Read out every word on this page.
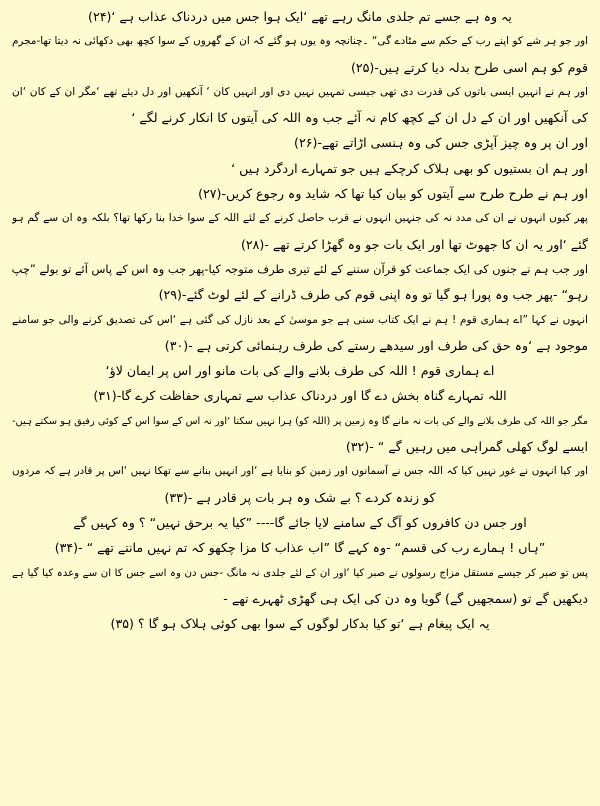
یہ وہ ہے جسے تم جلدی مانگ رہے تھے ‘ایک ہوا جس میں دردناک عذاب ہے ‘(۲۴)
اور جو ہر شے کو اپنے رب کے حکم سے مٹادے گی“ ۔چنانچہ وہ یوں ہو گئے کہ ان کے گھروں کے سوا کچھ بھی دکھائی نہ دیتا تھا-مجرم
قوم کو ہم اسی طرح بدلہ دیا کرتے ہیں-(۲۵)
اور ہم نے انہیں ایسی باتوں کی قدرت دی تھی جیسی تمہیں نہیں دی اور انہیں کان ‘ آنکھیں اور دل دیئے تھے ‘مگر ان کے کان ‘ان
کی آنکھیں اور ان کے دل ان کے کچھ کام نہ آئے جب وہ اللہ کی آیتوں کا انکار کرنے لگے ‘
اور ان پر وہ چیز آپڑی جس کی وہ ہنسی اڑاتے تھے-(۲۶)
اور ہم ان بستیوں کو بھی ہلاک کرچکے ہیں جو تمہارے اردگرد ہیں ‘
اور ہم نے طرح طرح سے آیتوں کو بیان کیا تھا کہ شاید وہ رجوع کریں-(۲۷)
پھر کیوں انہوں نے ان کی مدد نہ کی جنہیں انہوں نے قرب حاصل کرنے کے لئے اللہ کے سوا خدا بنا رکھا تھا؟ بلکہ وہ ان سے گم ہو
گئے ‘اور یہ ان کا جھوٹ تھا اور ایک بات جو وہ گھڑا کرتے تھے -(۲۸)
اور جب ہم نے جنوں کی ایک جماعت کو قرآن سننے کے لئے تیری طرف متوجہ کیا-پھر جب وہ اس کے پاس آئے تو بولے ”چپ
رہو“ -پھر جب وہ پورا ہو گیا تو وہ اپنی قوم کی طرف ڈرانے کے لئے لوٹ گئے-(۲۹)
انہوں نے کہا ”اے ہماری قوم ! ہم نے ایک کتاب سنی ہے جو موسیٰ کے بعد نازل کی گئی ہے ‘اس کی تصدیق کرنے والی جو سامنے
موجود ہے ‘وہ حق کی طرف اور سیدھے رستے کی طرف رہنمائی کرتی ہے -(۳۰)
اے ہماری قوم ! اللہ کی طرف بلانے والے کی بات مانو اور اس پر ایمان لاؤ‘
اللہ تمہارے گناہ بخش دے گا اور دردناک عذاب سے تمہاری حفاظت کرے گا-(۳۱)
مگر جو اللہ کی طرف بلانے والے کی بات نہ مانے گا وہ زمین پر (اللہ کو) ہرا نہیں سکتا ‘اور نہ اس کے سوا اس کے کوئی رفیق ہو سکتے ہیں-
ایسے لوگ کھلی گمراہی میں رہیں گے “ -(۳۲)
اور کیا انہوں نے غور نہیں کیا کہ اللہ جس نے آسمانوں اور زمین کو بنایا ہے ‘اور انہیں بنانے سے تھکا نہیں ‘اس پر قادر ہے کہ مردوں
کو زندہ کردے ؟ بے شک وہ ہر بات پر قادر ہے -(۳۳)
اور جس دن کافروں کو آگ کے سامنے لایا جائے گا---- ”کیا یہ برحق نہیں“ ؟ وہ کہیں گے
”ہاں ! ہمارے رب کی قسم“ -وہ کہے گا ”اب عذاب کا مزا چکھو کہ تم نہیں مانتے تھے “ -(۳۴)
پس تو صبر کر جیسے مستقل مزاج رسولوں نے صبر کیا ‘اور ان کے لئے جلدی نہ مانگ -جس دن وہ اسے جس کا ان سے وعدہ کیا گیا ہے
دیکھیں گے تو (سمجھیں گے) گویا وہ دن کی ایک ہی گھڑی ٹھہرے تھے -
یہ ایک پیغام ہے ‘تو کیا بدکار لوگوں کے سوا بھی کوئی ہلاک ہو گا ؟ (۳۵)
